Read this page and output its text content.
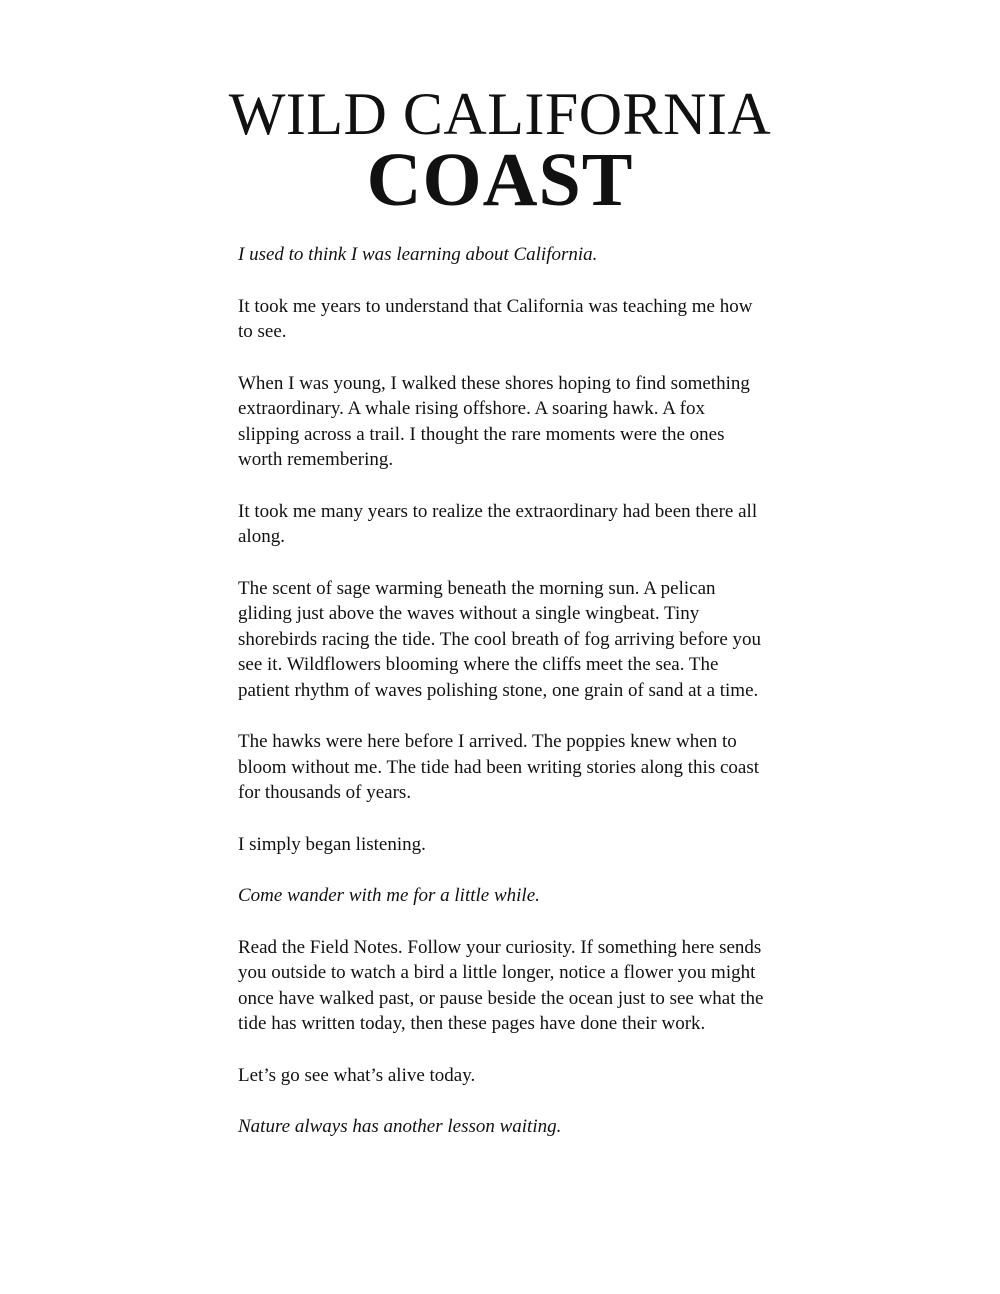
WILD CALIFORNIA
COAST

I used to think I was learning about California.

It took me years to understand that California was teaching me how to see.

When I was young, I walked these shores hoping to find something extraordinary. A whale rising offshore. A soaring hawk. A fox slipping across a trail. I thought the rare moments were the ones worth remembering.

It took me many years to realize the extraordinary had been there all along.

The scent of sage warming beneath the morning sun. A pelican gliding just above the waves without a single wingbeat. Tiny shorebirds racing the tide. The cool breath of fog arriving before you see it. Wildflowers blooming where the cliffs meet the sea. The patient rhythm of waves polishing stone, one grain of sand at a time.

The hawks were here before I arrived. The poppies knew when to bloom without me. The tide had been writing stories along this coast for thousands of years.

I simply began listening.

Come wander with me for a little while.

Read the Field Notes. Follow your curiosity. If something here sends you outside to watch a bird a little longer, notice a flower you might once have walked past, or pause beside the ocean just to see what the tide has written today, then these pages have done their work.

Let’s go see what’s alive today.

Nature always has another lesson waiting.
